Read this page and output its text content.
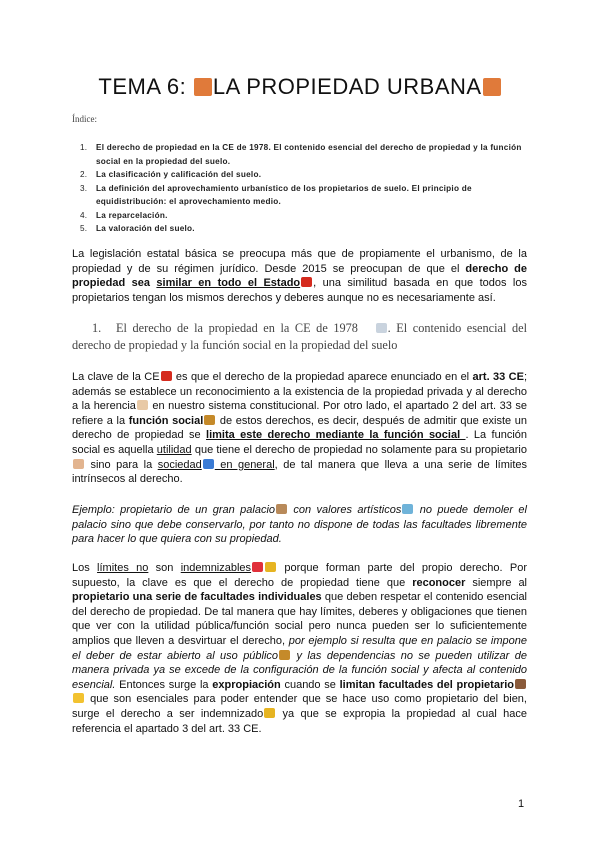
TEMA 6: LA PROPIEDAD URBANA
Índice:
1. El derecho de propiedad en la CE de 1978. El contenido esencial del derecho de propiedad y la función social en la propiedad del suelo.
2. La clasificación y calificación del suelo.
3. La definición del aprovechamiento urbanístico de los propietarios de suelo. El principio de equidistribución: el aprovechamiento medio.
4. La reparcelación.
5. La valoración del suelo.
La legislación estatal básica se preocupa más que de propiamente el urbanismo, de la propiedad y de su régimen jurídico. Desde 2015 se preocupan de que el derecho de propiedad sea similar en todo el Estado , una similitud basada en que todos los propietarios tengan los mismos derechos y deberes aunque no es necesariamente así.
1. El derecho de la propiedad en la CE de 1978 . El contenido esencial del derecho de propiedad y la función social en la propiedad del suelo
La clave de la CE es que el derecho de la propiedad aparece enunciado en el art. 33 CE; además se establece un reconocimiento a la existencia de la propiedad privada y al derecho a la herencia en nuestro sistema constitucional. Por otro lado, el apartado 2 del art. 33 se refiere a la función social de estos derechos, es decir, después de admitir que existe un derecho de propiedad se limita este derecho mediante la función social . La función social es aquella utilidad que tiene el derecho de propiedad no solamente para su propietario sino para la sociedad en general, de tal manera que lleva a una serie de límites intrínsecos al derecho.
Ejemplo: propietario de un gran palacio con valores artísticos no puede demoler el palacio sino que debe conservarlo, por tanto no dispone de todas las facultades libremente para hacer lo que quiera con su propiedad.
Los límites no son indemnizables porque forman parte del propio derecho. Por supuesto, la clave es que el derecho de propiedad tiene que reconocer siempre al propietario una serie de facultades individuales que deben respetar el contenido esencial del derecho de propiedad. De tal manera que hay límites, deberes y obligaciones que tienen que ver con la utilidad pública/función social pero nunca pueden ser lo suficientemente amplios que lleven a desvirtuar el derecho, por ejemplo si resulta que en palacio se impone el deber de estar abierto al uso público y las dependencias no se pueden utilizar de manera privada ya se excede de la configuración de la función social y afecta al contenido esencial. Entonces surge la expropiación cuando se limitan facultades del propietario que son esenciales para poder entender que se hace uso como propietario del bien, surge el derecho a ser indemnizado ya que se expropia la propiedad al cual hace referencia el apartado 3 del art. 33 CE.
1
